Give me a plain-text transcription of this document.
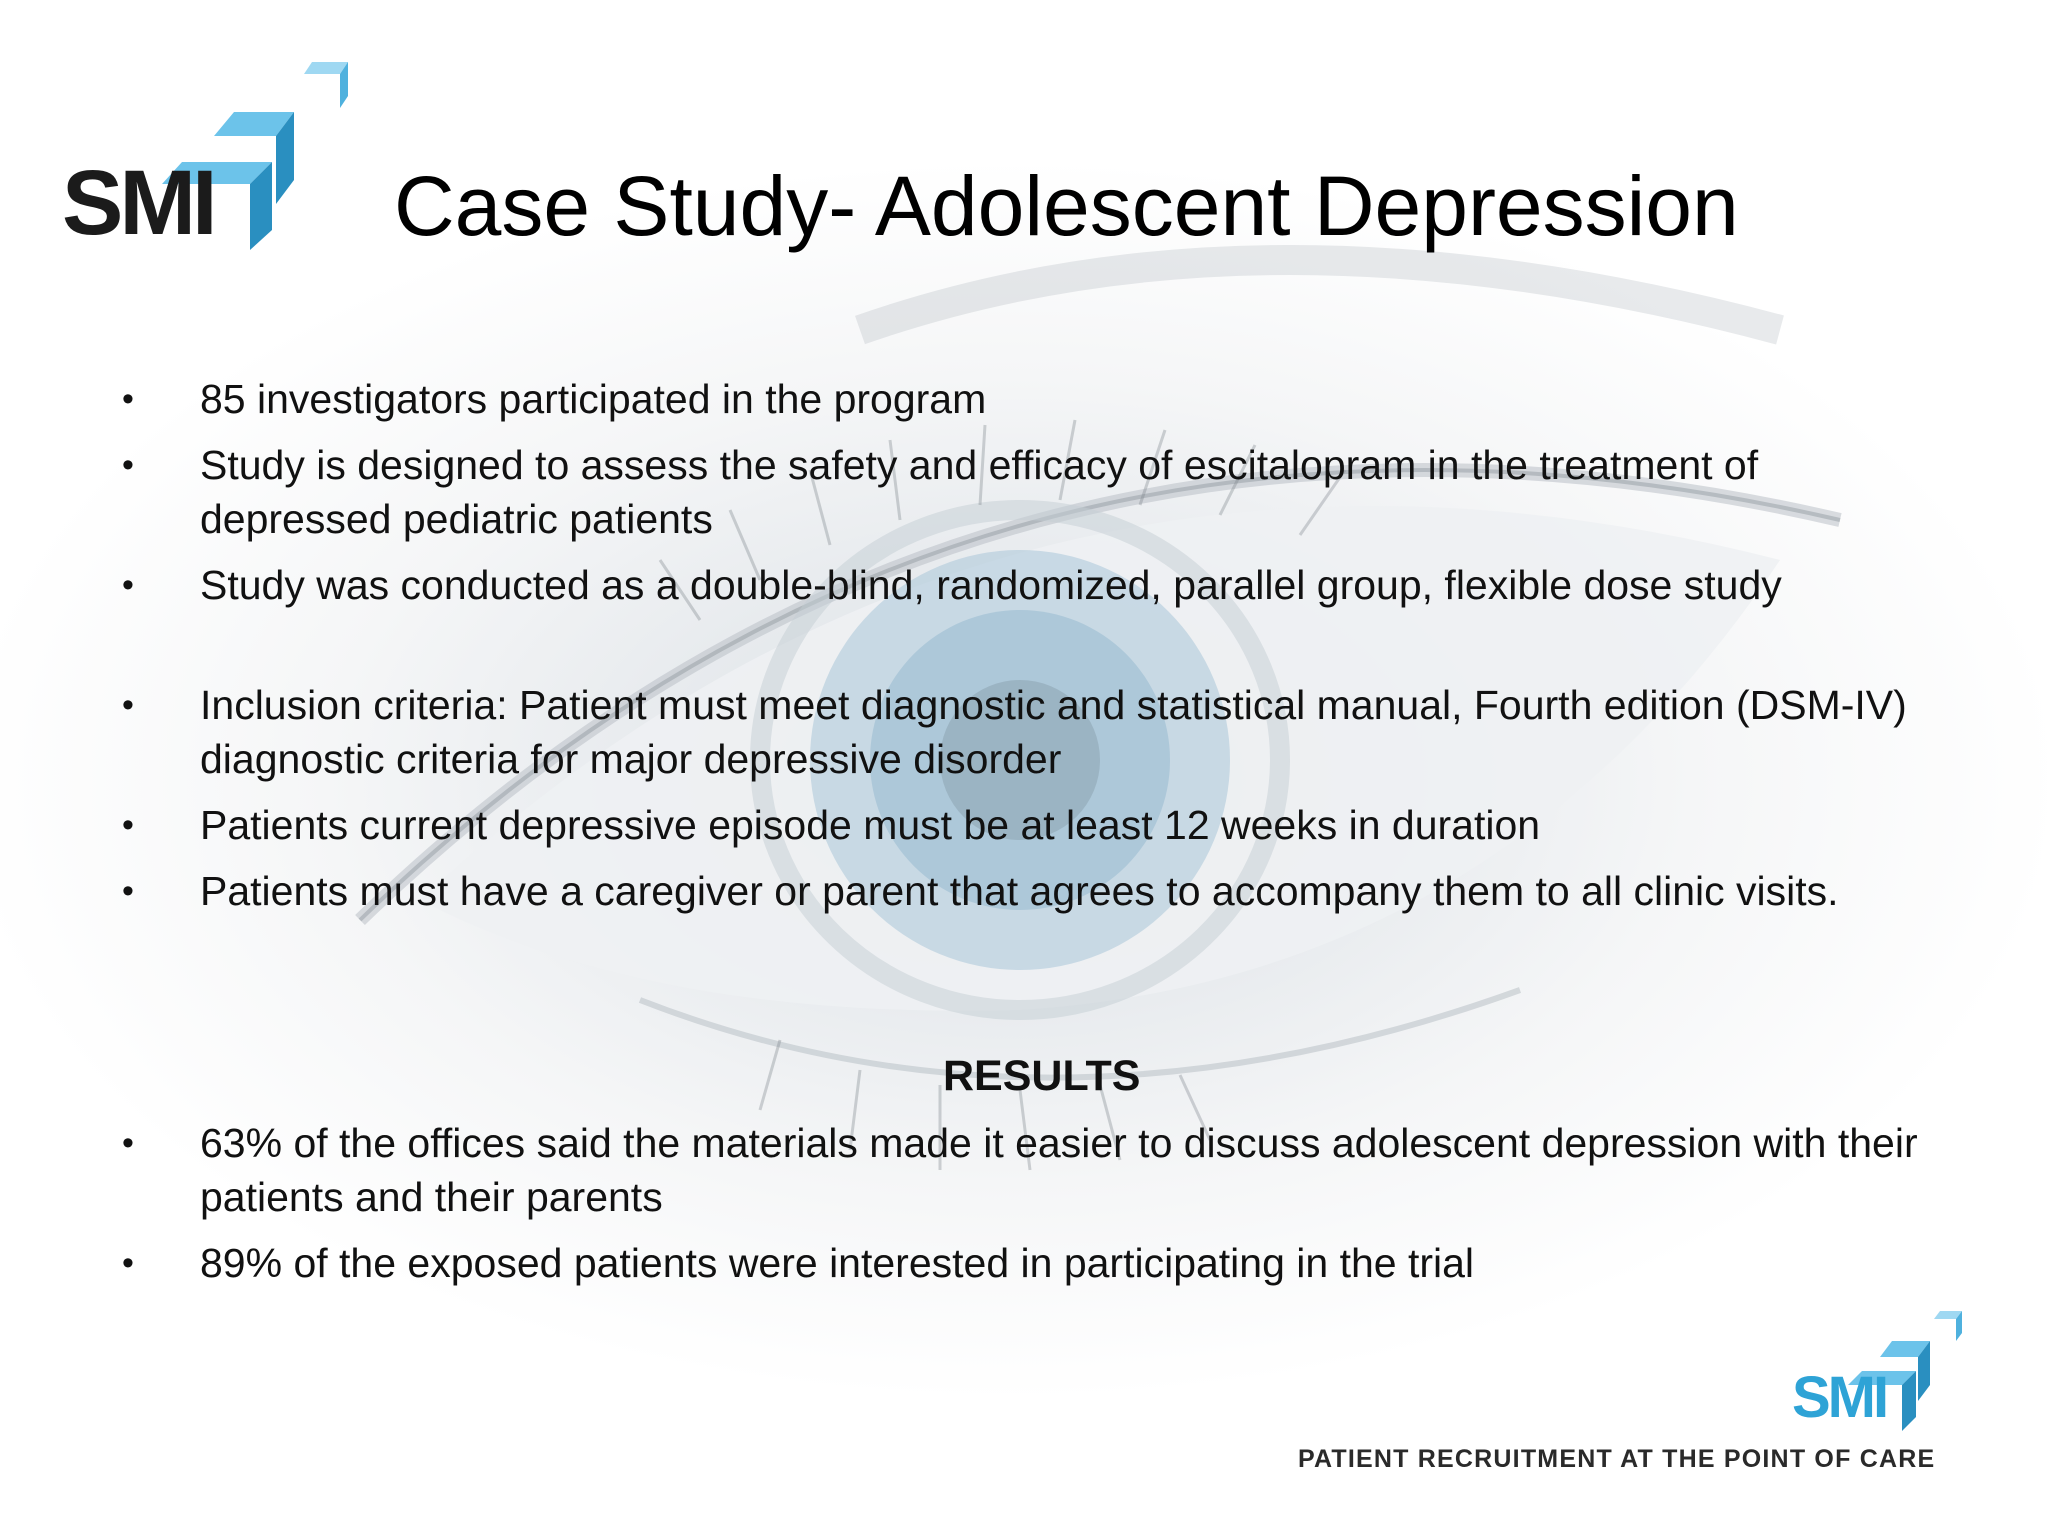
SMI Case Study- Adolescent Depression
• 85 investigators participated in the program
• Study is designed to assess the safety and efficacy of escitalopram in the treatment of depressed pediatric patients
• Study was conducted as a double-blind, randomized, parallel group, flexible dose study
• Inclusion criteria: Patient must meet diagnostic and statistical manual, Fourth edition (DSM-IV) diagnostic criteria for major depressive disorder
• Patients current depressive episode must be at least 12 weeks in duration
• Patients must have a caregiver or parent that agrees to accompany them to all clinic visits.
• 63% of the offices said the materials made it easier to discuss adolescent depression with their patients and their parents
• 89% of the exposed patients were interested in participating in the trial
RESULTS
SMI
PATIENT RECRUITMENT AT THE POINT OF CARE
